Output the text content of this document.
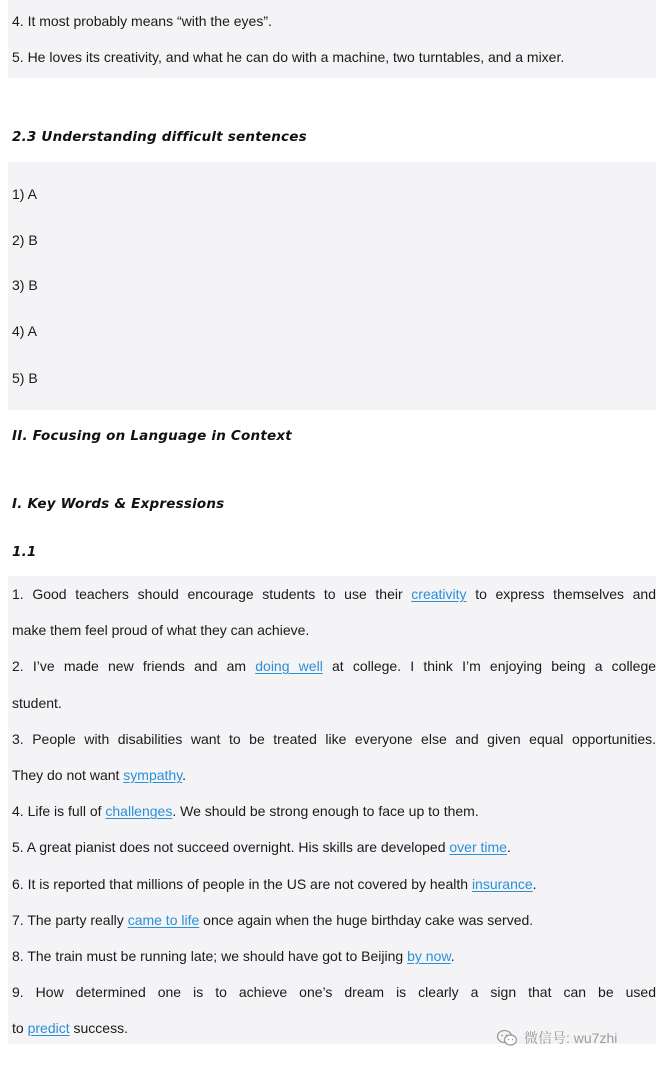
4. It most probably means “with the eyes”.
5. He loves its creativity, and what he can do with a machine, two turntables, and a mixer.
2.3 Understanding difficult sentences
1) A
2) B
3) B
4) A
5) B
II. Focusing on Language in Context
I. Key Words & Expressions
1.1
1. Good teachers should encourage students to use their creativity to express themselves and
make them feel proud of what they can achieve.
2. I’ve made new friends and am doing well at college. I think I’m enjoying being a college
student.
3. People with disabilities want to be treated like everyone else and given equal opportunities.
They do not want sympathy.
4. Life is full of challenges. We should be strong enough to face up to them.
5. A great pianist does not succeed overnight. His skills are developed over time.
6. It is reported that millions of people in the US are not covered by health insurance.
7. The party really came to life once again when the huge birthday cake was served.
8. The train must be running late; we should have got to Beijing by now.
9. How determined one is to achieve one’s dream is clearly a sign that can be used
to predict success.
微信号: wu7zhi
